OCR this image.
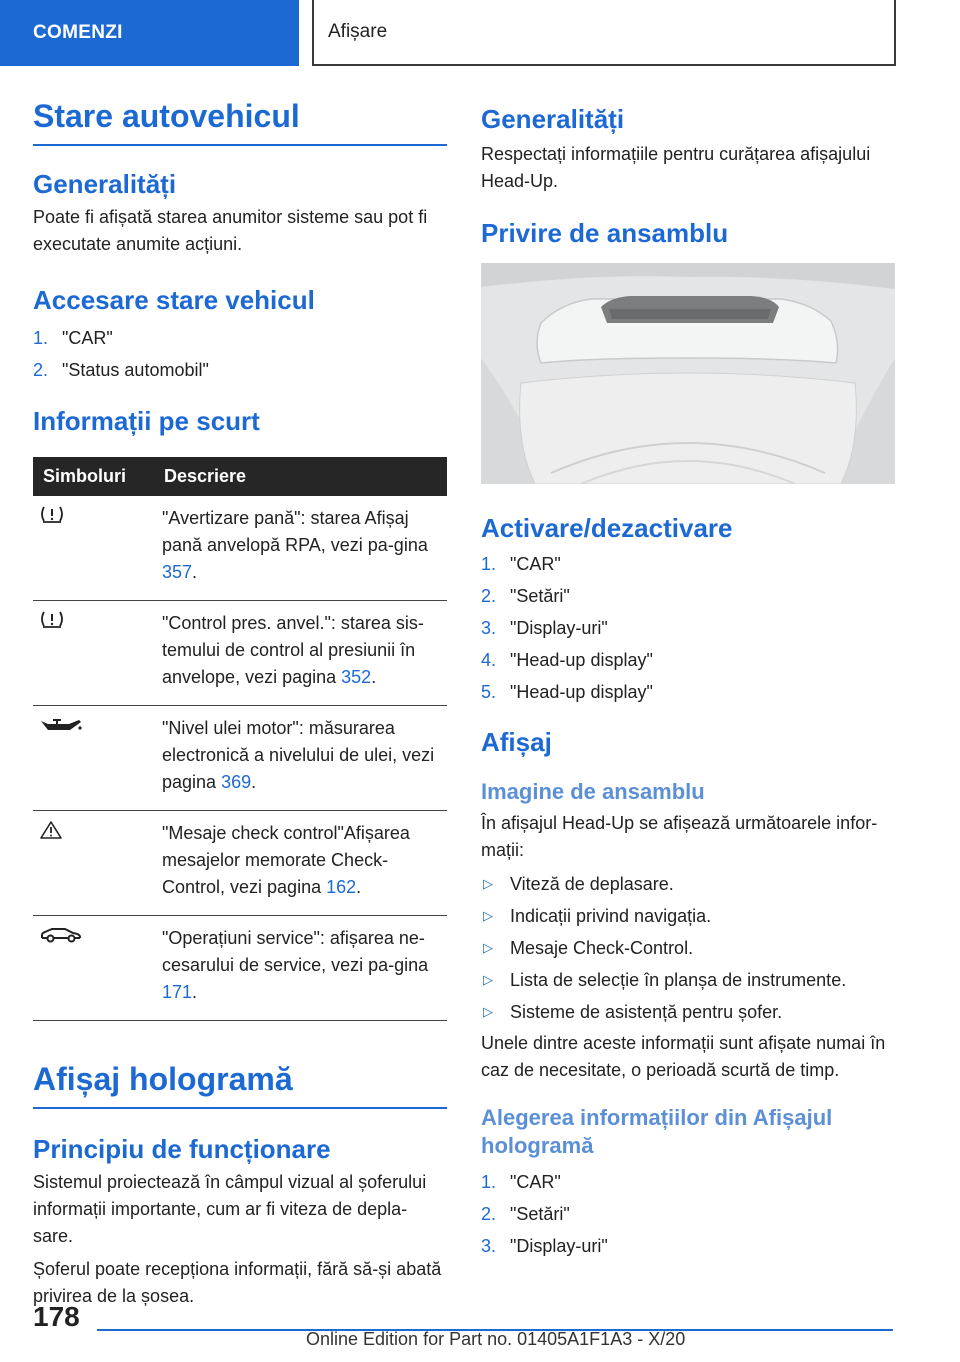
COMENZI	Afișare
Stare autovehicul
Generalități
Poate fi afișată starea anumitor sisteme sau pot fi executate anumite acțiuni.
Accesare stare vehicul
1. "CAR"
2. "Status automobil"
Informații pe scurt
Simboluri	Descriere
	"Avertizare pană": starea Afișaj pană anvelopă RPA, vezi pa-gina 357.
	"Control pres. anvel.": starea sis-temului de control al presiunii în anvelope, vezi pagina 352.
	"Nivel ulei motor": măsurarea electronică a nivelului de ulei, vezi pagina 369.
	"Mesaje check control"Afișarea mesajelor memorate Check-Control, vezi pagina 162.
	"Operațiuni service": afișarea ne-cesarului de service, vezi pa-gina 171.
Afișaj hologramă
Principiu de funcționare
Sistemul proiectează în câmpul vizual al șoferului informații importante, cum ar fi viteza de depla-sare.
Șoferul poate recepționa informații, fără să-și abată privirea de la șosea.
Generalități
Respectați informațiile pentru curățarea afișajului Head-Up.
Privire de ansamblu
Activare/dezactivare
1. "CAR"
2. "Setări"
3. "Display-uri"
4. "Head-up display"
5. "Head-up display"
Afișaj
Imagine de ansamblu
În afișajul Head-Up se afișează următoarele infor-mații:
▷ Viteză de deplasare.
▷ Indicații privind navigația.
▷ Mesaje Check-Control.
▷ Lista de selecție în planșa de instrumente.
▷ Sisteme de asistență pentru șofer.
Unele dintre aceste informații sunt afișate numai în caz de necesitate, o perioadă scurtă de timp.
Alegerea informațiilor din Afișajul hologramă
1. "CAR"
2. "Setări"
3. "Display-uri"
178
Online Edition for Part no. 01405A1F1A3 - X/20
